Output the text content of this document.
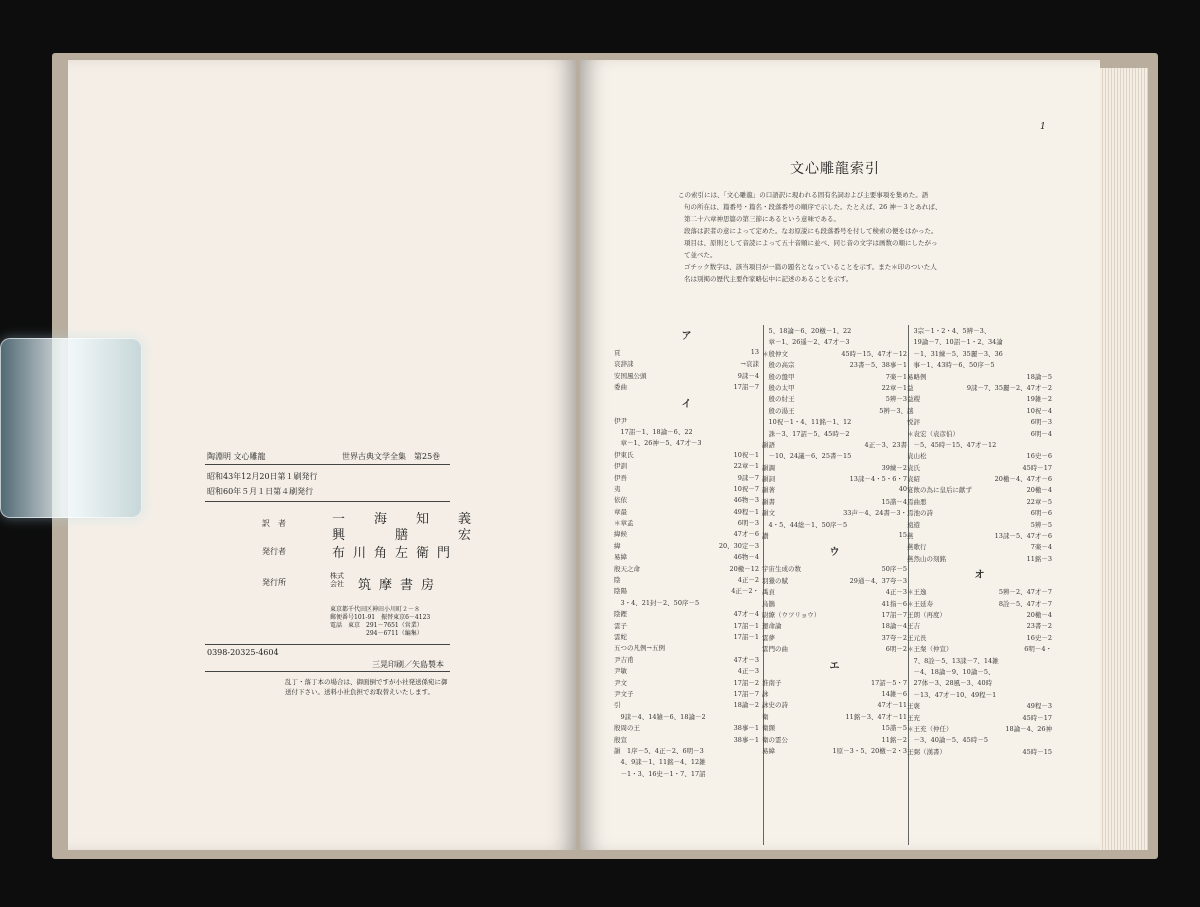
陶淵明 文心雕龍	世界古典文学全集　第25巻
昭和43年12月20日第１刷発行
昭和60年５月１日第４刷発行
訳　者	一　海　知　義
興　　膳　　宏
発行者	布川角左衛門
発行所
株式会社	筑摩書房
東京都千代田区神田小川町２－８
郵便番号101-91　振替東京6－4123
電話　東京　291－7651（営業）
　　　　　　294－6711（編集）
0398-20325-4604
三晃印刷／矢島製本
乱丁・落丁本の場合は、御面倒ですが小社発送係宛に御
送付下さい。送料小社負担でお取替えいたします。
1
文心雕龍索引
この索引には、「文心雕龍」の口語訳に現われる固有名詞および主要事項を集めた。語
句の所在は、篇番号・篇名・段落番号の順序で示した。たとえば、26 神－３とあれば、
第二十六章神思篇の第三節にあるという意味である。
段落は訳者の意によって定めた。なお原説にも段落番号を付して検索の便をはかった。
項目は、原則として音読によって五十音順に並べ、同じ音の文字は画数の順にしたがっ
て並べた。
ゴチック数字は、該当項目が一篇の題名となっていることを示す。また＊印のついた人
名は別掲の歴代主要作家略伝中に記述のあることを示す。
ア
頁	13
哀辞誄	→哀誄
安国風公頭	9誄－4
委曲	17詔－7
イ
伊尹
　17詔－1、18論－6、22
　章－1、26神－5、47才－3
伊東氏	10祝－1
伊訓	22章－1
伊吾	9誄－7
夷	10祝－7
依依	46物－3
章最	49程－1
＊章孟	6明－3
緯候	47才－6
緯	20、30定－3
易緯	46物－4
殷天之命	20檄－12
陰	4正－2
陰陽	4正－2・
　3・4、21封－2、50序－5
陰鏗	47才－4
雲子	17詔－1
雲蛇	17詔－1
五つの凡例→五例
尹吉甫	47才－3
尹敏	4正－3
尹文	17詔－2
尹文子	17詔－7
引	18論－2
　9誄－4、14雑－6、18論－2
殷周の王	38事－1
殷宣	38事－1
韻　1序－5、4正－2、6明－3
　4、9誄－1、11銘－4、12雑
　－1・3、16史－1・7、17詔
　5、18論－6、20檄－1、22
　章－1、26遥－2、47才－3
＊殷仲文	45時－15、47才－12
　殷の高宗	23書－5、38事－1
　殷の盤甲	7楽－1
　殷の太甲	22章－1
　殷の紂王	5辨－3
　殷の湯王	5辨－3、
　10祝－1・4、11銘－1、12
　誅－3、17詔－5、45時－2
韻語	4正－3、23書
　－10、24議－6、25書－15
韻調	39練－2
韻詞	13誄－4・5・6・7
韻著	40
韻書	15諧－4
韻文	33声－4、24書－3・
　4・5、44総－1、50序－5
讃	15
ウ
宇宙生成の数	50序－5
羽獵の賦	29通－4、37夸－3
禹貢	4正－3
烏鵲	41指－6
尉繚（ウツリョウ）	17詔－7
運命論	18論－4
雲夢	37夸－2
雲門の曲	6明－2
エ
淮南子	17詔－5・7
詠	14雑－6
詠史の詩	47才－11
衛	11銘－3、47才－11
衛顗	15諧－5
衛の霊公	11銘－2
易緯	1原－3・5、20檄－2・3
　3宗－1・2・4、5辨－3、
　19論－7、10詔－1・2、34論
　－1、31練－5、35麗－3、36
　事－1、43時－6、50序－5
易略例	18論－5
益	9誄－7、35麗－2、47才－2
益稷	19雑－2
越	10祝－4
悦評	6明－3
＊袁宏（袁彦伯）	6明－4
　－5、45時－15、47才－12
袁山松	16史－6
袁氏	45時－17
袁紹	20檄－4、47才－6
宴飲の為に皇后に献ず	20檄－4
焉曲悪	22章－5
焉池の詩	6明－6
遠遊	5辨－5
燕	13誄－5、47才－6
燕歌行	7楽－4
燕然山の刻銘	11銘－3
オ
＊王逸	5辨－2、47才－7
＊王延寿	8詮－5、47才－7
王朗（再度）	20檄－4
王吉	23書－2
王元長	16史－2
＊王粲（仲宣）	6明－4・
　7、8詮－5、13誄－7、14雑
　－4、18論－9、10論－5、
　27体－3、28風－3、40時
　－13、47才－10、49程－1
王褒	49程－3
王充	45時－17
＊王充（仲任）	18論－4、26神
　－3、40論－5、45時－5
王弼（漢書）	45時－15
